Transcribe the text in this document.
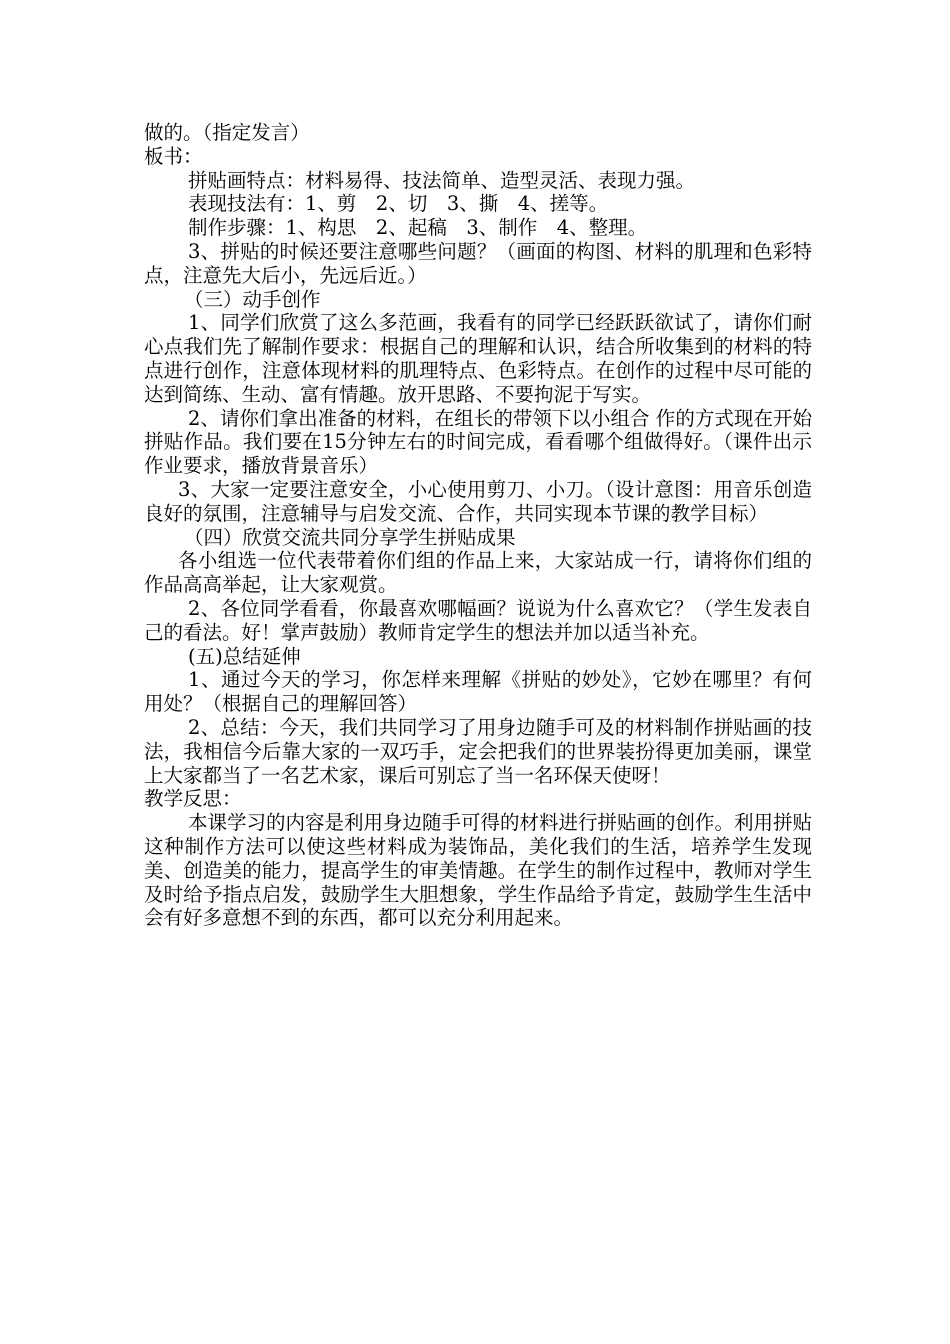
做的。（指定发言）

板书：

拼贴画特点：材料易得、技法简单、造型灵活、表现力强。

表现技法有：1、剪　2、切　3、撕　4、搓等。

制作步骤：1、构思　2、起稿　3、制作　4、整理。

3、拼贴的时候还要注意哪些问题？（画面的构图、材料的肌理和色彩特点，注意先大后小，先远后近。）

（三）动手创作

1、同学们欣赏了这么多范画，我看有的同学已经跃跃欲试了，请你们耐心点我们先了解制作要求：根据自己的理解和认识，结合所收集到的材料的特点进行创作，注意体现材料的肌理特点、色彩特点。在创作的过程中尽可能的达到简练、生动、富有情趣。放开思路、不要拘泥于写实。

2、请你们拿出准备的材料，在组长的带领下以小组合 作的方式现在开始拼贴作品。我们要在15分钟左右的时间完成，看看哪个组做得好。（课件出示作业要求，播放背景音乐）

3、大家一定要注意安全，小心使用剪刀、小刀。（设计意图：用音乐创造良好的氛围，注意辅导与启发交流、合作，共同实现本节课的教学目标）

（四）欣赏交流共同分享学生拼贴成果

各小组选一位代表带着你们组的作品上来，大家站成一行，请将你们组的作品高高举起，让大家观赏。

2、各位同学看看，你最喜欢哪幅画？说说为什么喜欢它？（学生发表自己的看法。好！掌声鼓励）教师肯定学生的想法并加以适当补充。

(五)总结延伸

1、通过今天的学习，你怎样来理解《拼贴的妙处》，它妙在哪里？有何用处？（根据自己的理解回答）

2、总结：今天，我们共同学习了用身边随手可及的材料制作拼贴画的技法，我相信今后靠大家的一双巧手，定会把我们的世界装扮得更加美丽，课堂上大家都当了一名艺术家，课后可别忘了当一名环保天使呀！

教学反思：

本课学习的内容是利用身边随手可得的材料进行拼贴画的创作。利用拼贴这种制作方法可以使这些材料成为装饰品，美化我们的生活，培养学生发现美、创造美的能力，提高学生的审美情趣。在学生的制作过程中，教师对学生及时给予指点启发，鼓励学生大胆想象，学生作品给予肯定，鼓励学生生活中会有好多意想不到的东西，都可以充分利用起来。
